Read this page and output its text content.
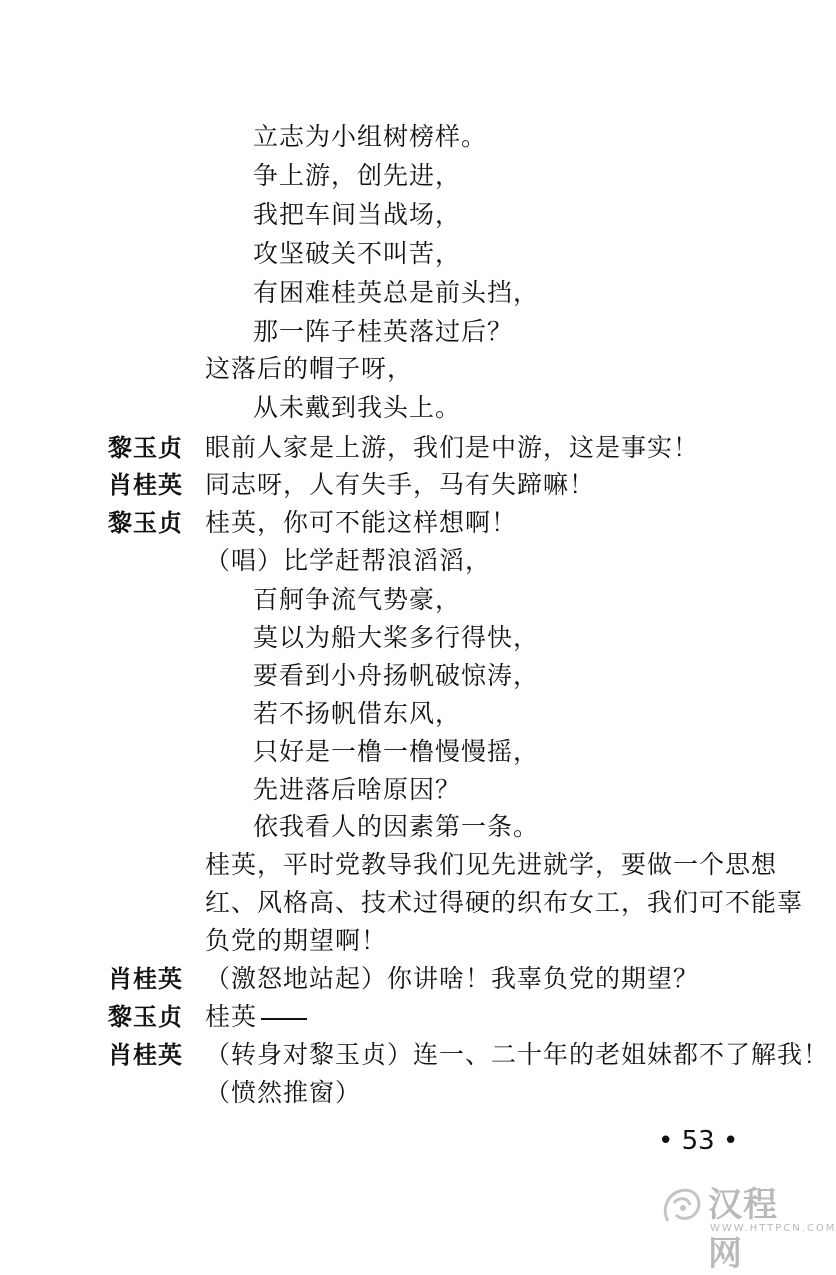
立志为小组树榜样。
争上游，创先进，
我把车间当战场，
攻坚破关不叫苦，
有困难桂英总是前头挡，
那一阵子桂英落过后？
这落后的帽子呀，
从未戴到我头上。
黎玉贞 眼前人家是上游，我们是中游，这是事实！
肖桂英 同志呀，人有失手，马有失蹄嘛！
黎玉贞 桂英，你可不能这样想啊！
（唱）比学赶帮浪滔滔，
百舸争流气势豪，
莫以为船大桨多行得快，
要看到小舟扬帆破惊涛，
若不扬帆借东风，
只好是一橹一橹慢慢摇，
先进落后啥原因？
依我看人的因素第一条。
桂英，平时党教导我们见先进就学，要做一个思想
红、风格高、技术过得硬的织布女工，我们可不能辜
负党的期望啊！
肖桂英 （激怒地站起）你讲啥！我辜负党的期望？
黎玉贞 桂英
肖桂英 （转身对黎玉贞）连一、二十年的老姐妹都不了解我！
（愤然推窗）
• 53 •
汉程网
WWW.HTTPCN.COM
